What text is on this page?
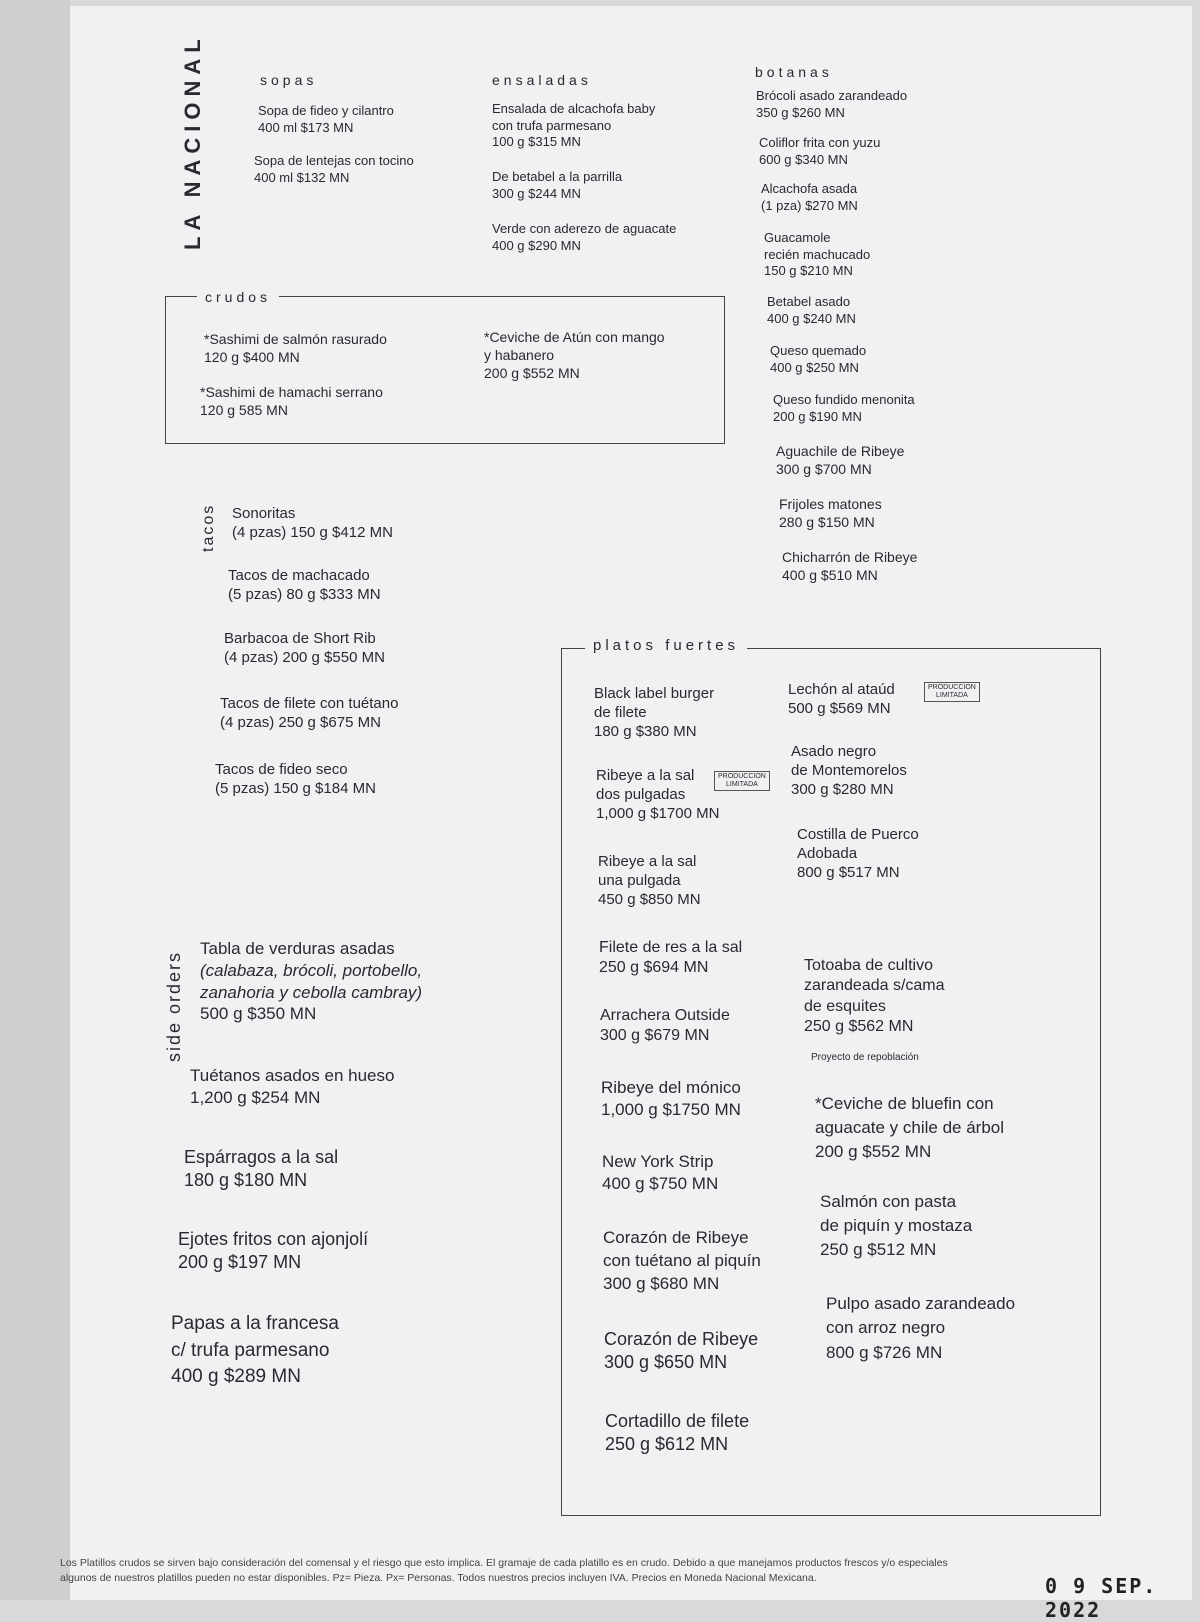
LA NACIONAL	sopas
Sopa de fideo y cilantro
400 ml $173 MN
Sopa de lentejas con tocino
400 ml $132 MN
ensaladas
Ensalada de alcachofa baby
con trufa parmesano
100 g $315 MN
De betabel a la parrilla
300 g $244 MN
Verde con aderezo de aguacate
400 g $290 MN
botanas
Brócoli asado zarandeado
350 g $260 MN
Coliflor frita con yuzu
600 g $340 MN
Alcachofa asada
(1 pza) $270 MN
Guacamole
recién machucado
150 g $210 MN
Betabel asado
400 g $240 MN
Queso quemado
400 g $250 MN
Queso fundido menonita
200 g $190 MN
Aguachile de Ribeye
300 g $700 MN
Frijoles matones
280 g $150 MN
Chicharrón de Ribeye
400 g $510 MN
crudos
*Sashimi de salmón rasurado
120 g $400 MN
*Sashimi de hamachi serrano
120 g 585 MN
*Ceviche de Atún con mango
y habanero
200 g $552 MN
tacos Sonoritas
(4 pzas) 150 g $412 MN
Tacos de machacado
(5 pzas) 80 g $333 MN
Barbacoa de Short Rib
(4 pzas) 200 g $550 MN
Tacos de filete con tuétano
(4 pzas) 250 g $675 MN
Tacos de fideo seco
(5 pzas) 150 g $184 MN
side orders
Tabla de verduras asadas
(calabaza, brócoli, portobello,
zanahoria y cebolla cambray)
500 g $350 MN
Tuétanos asados en hueso
1,200 g $254 MN
Espárragos a la sal
180 g $180 MN
Ejotes fritos con ajonjolí
200 g $197 MN
Papas a la francesa
c/ trufa parmesano
400 g $289 MN
platos fuertes
Black label burger
de filete
180 g $380 MN
Ribeye a la sal
dos pulgadas
1,000 g $1700 MN
PRODUCCION
LIMITADA
Ribeye a la sal
una pulgada
450 g $850 MN
Filete de res a la sal
250 g $694 MN
Arrachera Outside
300 g $679 MN
Ribeye del mónico
1,000 g $1750 MN
New York Strip
400 g $750 MN
Corazón de Ribeye
con tuétano al piquín
300 g $680 MN
Corazón de Ribeye
300 g $650 MN
Cortadillo de filete
250 g $612 MN
Lechón al ataúd
500 g $569 MN
PRODUCCION
LIMITADA
Asado negro
de Montemorelos
300 g $280 MN
Costilla de Puerco
Adobada
800 g $517 MN
Totoaba de cultivo
zarandeada s/cama
de esquites
250 g $562 MN
Proyecto de repoblación
*Ceviche de bluefin con
aguacate y chile de árbol
200 g $552 MN
Salmón con pasta
de piquín y mostaza
250 g $512 MN
Pulpo asado zarandeado
con arroz negro
800 g $726 MN
Los Platillos crudos se sirven bajo consideración del comensal y el riesgo que esto implica. El gramaje de cada platillo es en crudo. Debido a que manejamos productos frescos y/o especiales
algunos de nuestros platillos pueden no estar disponibles. Pz= Pieza. Px= Personas. Todos nuestros precios incluyen IVA. Precios en Moneda Nacional Mexicana.	0 9 SEP. 2022
